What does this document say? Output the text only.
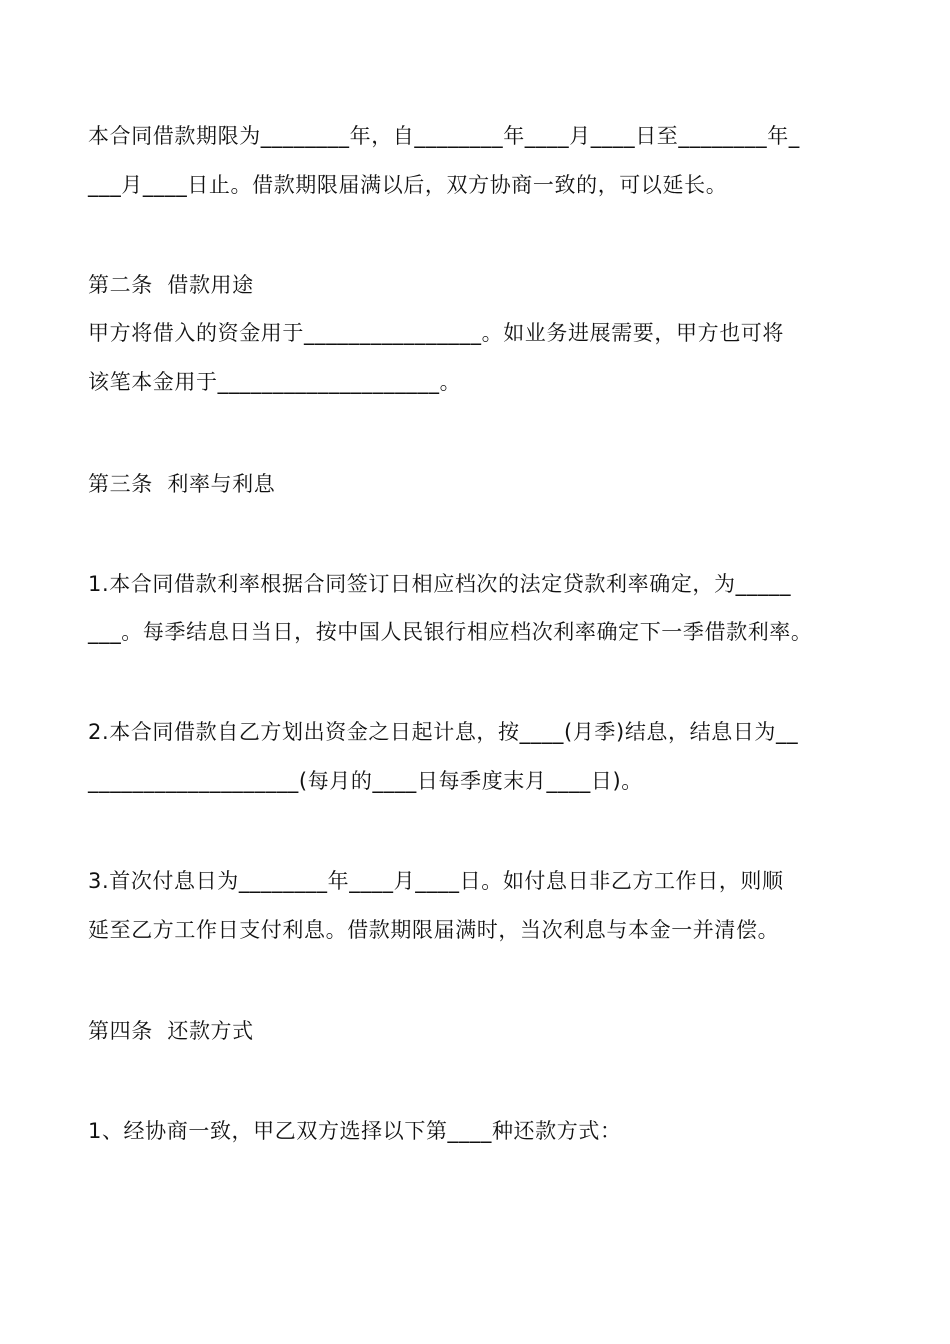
本合同借款期限为________年，自________年____月____日至________年_

___月____日止。借款期限届满以后，双方协商一致的，可以延长。

第二条  借款用途

甲方将借入的资金用于________________。如业务进展需要，甲方也可将

该笔本金用于____________________。

第三条  利率与利息

1.本合同借款利率根据合同签订日相应档次的法定贷款利率确定，为_____

___。每季结息日当日，按中国人民银行相应档次利率确定下一季借款利率。

2.本合同借款自乙方划出资金之日起计息，按____(月季)结息，结息日为__

___________________(每月的____日每季度末月____日)。

3.首次付息日为________年____月____日。如付息日非乙方工作日，则顺

延至乙方工作日支付利息。借款期限届满时，当次利息与本金一并清偿。

第四条  还款方式

1、经协商一致，甲乙双方选择以下第____种还款方式：
